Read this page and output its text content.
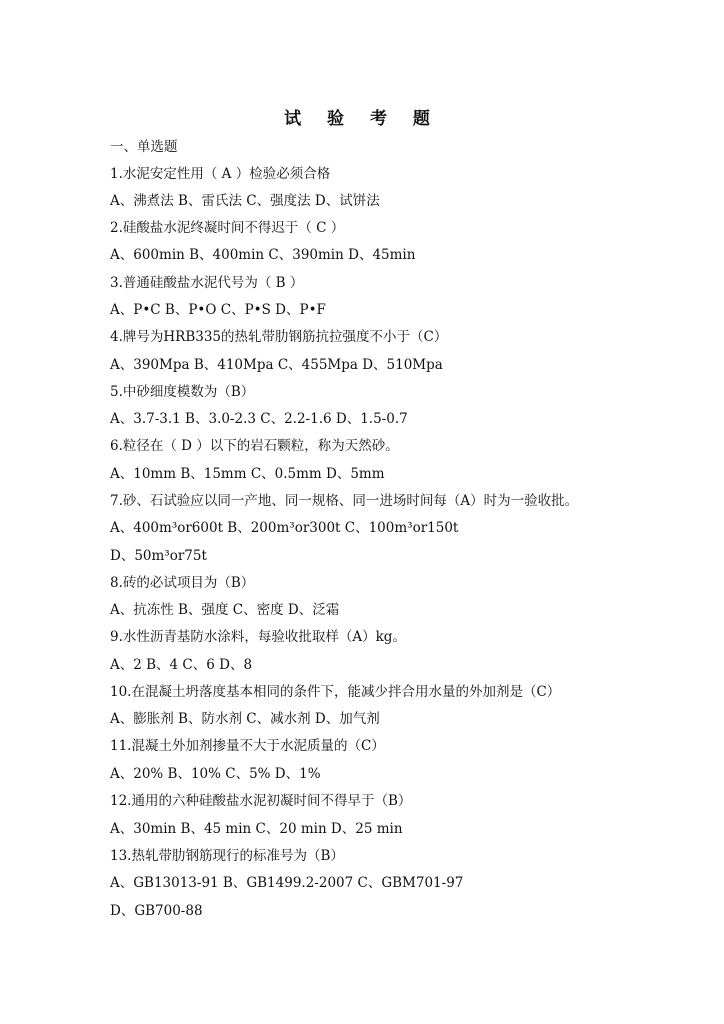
试 验 考 题
一、单选题
1.水泥安定性用（ A ）检验必须合格
A、沸煮法 B、雷氏法 C、强度法 D、试饼法
2.硅酸盐水泥终凝时间不得迟于（ C ）
A、600min B、400min C、390min D、45min
3.普通硅酸盐水泥代号为（ B ）
A、P•C B、P•O C、P•S D、P•F
4.牌号为HRB335的热轧带肋钢筋抗拉强度不小于（C）
A、390Mpa B、410Mpa C、455Mpa D、510Mpa
5.中砂细度模数为（B）
A、3.7-3.1 B、3.0-2.3 C、2.2-1.6 D、1.5-0.7
6.粒径在（ D ）以下的岩石颗粒，称为天然砂。
A、10mm B、15mm C、0.5mm D、5mm
7.砂、石试验应以同一产地、同一规格、同一进场时间每（A）时为一验收批。
A、400m³or600t B、200m³or300t C、100m³or150t
D、50m³or75t
8.砖的必试项目为（B）
A、抗冻性 B、强度 C、密度 D、泛霜
9.水性沥青基防水涂料，每验收批取样（A）kg。
A、2 B、4 C、6 D、8
10.在混凝土坍落度基本相同的条件下，能减少拌合用水量的外加剂是（C）
A、膨胀剂 B、防水剂 C、减水剂 D、加气剂
11.混凝土外加剂掺量不大于水泥质量的（C）
A、20% B、10% C、5% D、1%
12.通用的六种硅酸盐水泥初凝时间不得早于（B）
A、30min B、45 min C、20 min D、25 min
13.热轧带肋钢筋现行的标准号为（B）
A、GB13013-91 B、GB1499.2-2007 C、GBM701-97
D、GB700-88
